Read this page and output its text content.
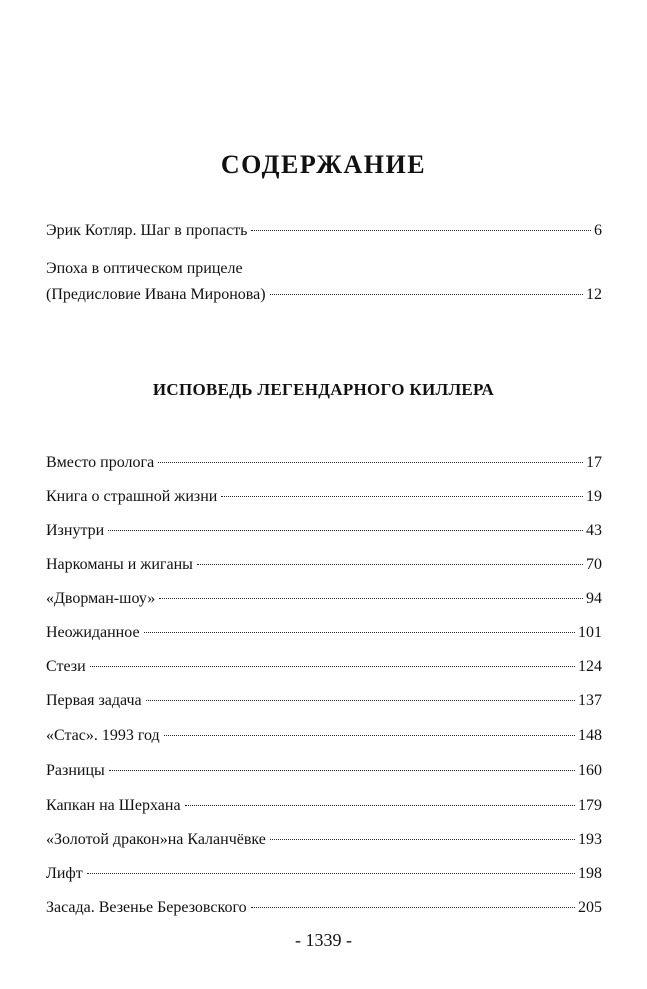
СОДЕРЖАНИЕ
Эрик Котляр. Шаг в пропасть	6
Эпоха в оптическом прицеле
(Предисловие Ивана Миронова)	12
ИСПОВЕДЬ ЛЕГЕНДАРНОГО КИЛЛЕРА
Вместо пролога	17
Книга о страшной жизни	19
Изнутри	43
Наркоманы и жиганы	70
«Дворман-шоу»	94
Неожиданное	101
Стези	124
Первая задача	137
«Стас». 1993 год	148
Разницы	160
Капкан на Шерхана	179
«Золотой дракон»на Каланчёвке	193
Лифт	198
Засада. Везенье Березовского	205
- 1339 -
